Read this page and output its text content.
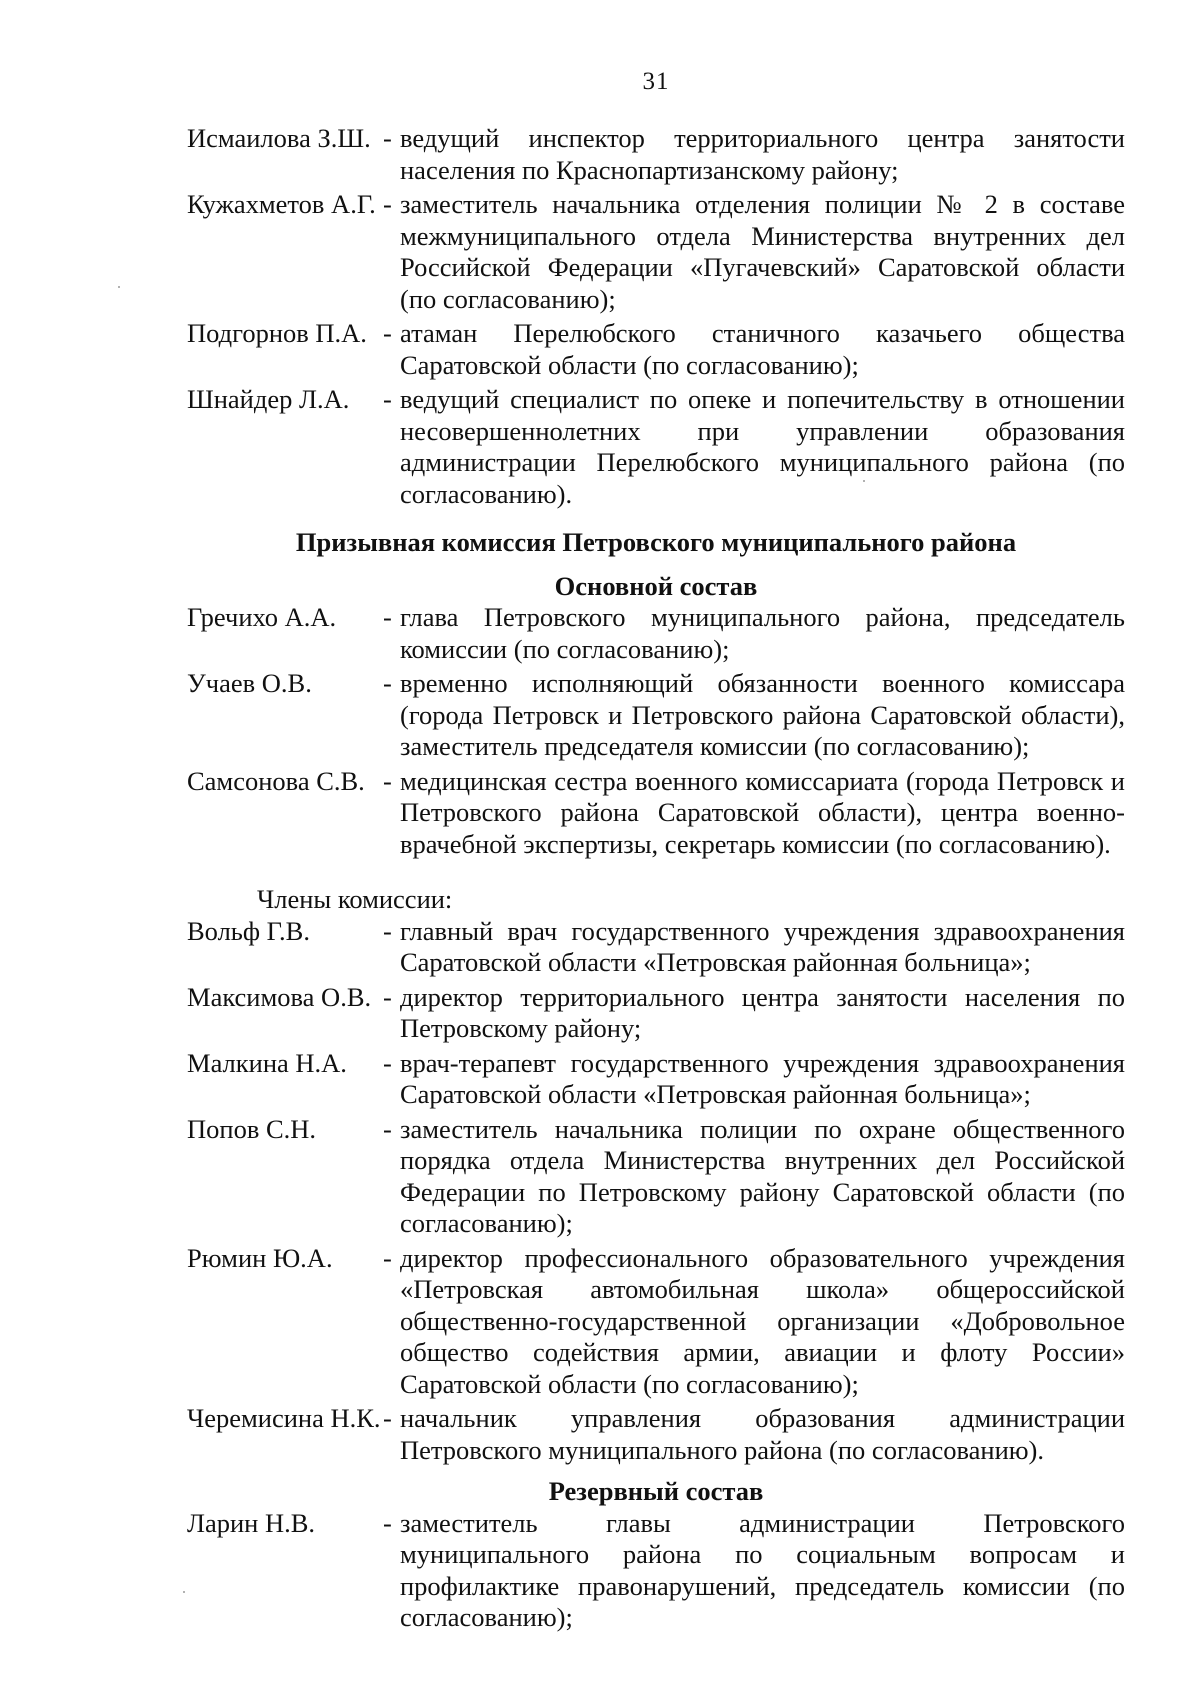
31
Исмаилова З.Ш. - ведущий инспектор территориального центра занятости населения по Краснопартизанскому району;
Кужахметов А.Г. - заместитель начальника отделения полиции № 2 в составе межмуниципального отдела Министерства внутренних дел Российской Федерации «Пугачевский» Саратовской области (по согласованию);
Подгорнов П.А. - атаман Перелюбского станичного казачьего общества Саратовской области (по согласованию);
Шнайдер Л.А.	- ведущий специалист по опеке и попечительству в отношении несовершеннолетних при управлении образования администрации Перелюбского муниципального района (по согласованию).
Призывная комиссия Петровского муниципального района
Основной состав
Гречихо А.А.	- глава Петровского муниципального района, председатель комиссии (по согласованию);
Учаев О.В.	- временно исполняющий обязанности военного комиссара (города Петровск и Петровского района Саратовской области), заместитель председателя комиссии (по согласованию);
Самсонова С.В. - медицинская сестра военного комиссариата (города Петровск и Петровского района Саратовской области), центра военно-врачебной экспертизы, секретарь комиссии (по согласованию).
Члены комиссии:
Вольф Г.В.	- главный врач государственного учреждения здравоохранения Саратовской области «Петровская районная больница»;
Максимова О.В. - директор территориального центра занятости населения по Петровскому району;
Малкина Н.А.	- врач-терапевт государственного учреждения здравоохранения Саратовской области «Петровская районная больница»;
Попов С.Н.	- заместитель начальника полиции по охране общественного порядка отдела Министерства внутренних дел Российской Федерации по Петровскому району Саратовской области (по согласованию);
Рюмин Ю.А.	- директор профессионального образовательного учреждения «Петровская автомобильная школа» общероссийской общественно-государственной организации «Добровольное общество содействия армии, авиации и флоту России» Саратовской области (по согласованию);
Черемисина Н.К. - начальник управления образования администрации Петровского муниципального района (по согласованию).
Резервный состав
Ларин Н.В.	- заместитель главы администрации Петровского муниципального района по социальным вопросам и профилактике правонарушений, председатель комиссии (по согласованию);
